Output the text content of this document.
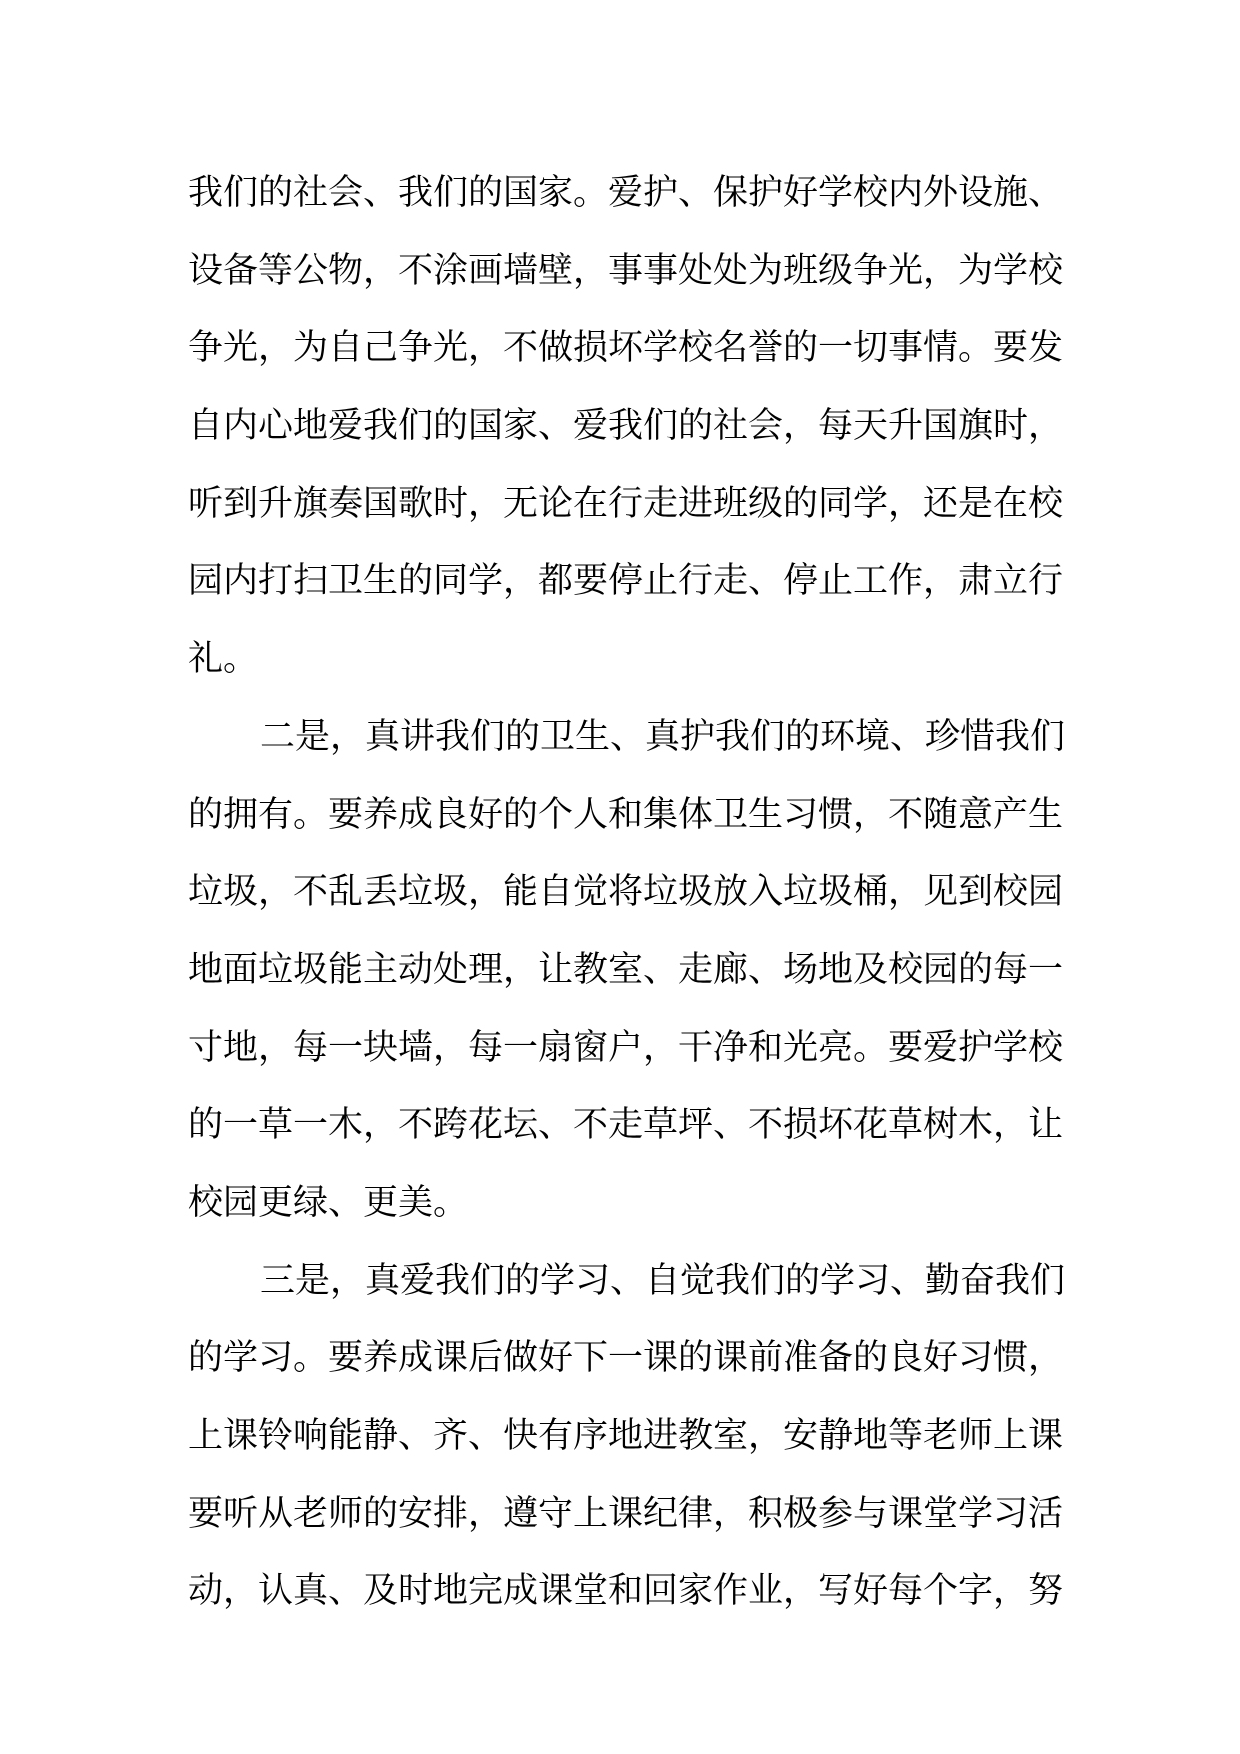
我们的社会、我们的国家。爱护、保护好学校内外设施、
设备等公物，不涂画墙壁，事事处处为班级争光，为学校
争光，为自己争光，不做损坏学校名誉的一切事情。要发
自内心地爱我们的国家、爱我们的社会，每天升国旗时，
听到升旗奏国歌时，无论在行走进班级的同学，还是在校
园内打扫卫生的同学，都要停止行走、停止工作，肃立行
礼。
二是，真讲我们的卫生、真护我们的环境、珍惜我们
的拥有。要养成良好的个人和集体卫生习惯，不随意产生
垃圾，不乱丢垃圾，能自觉将垃圾放入垃圾桶，见到校园
地面垃圾能主动处理，让教室、走廊、场地及校园的每一
寸地，每一块墙，每一扇窗户，干净和光亮。要爱护学校
的一草一木，不跨花坛、不走草坪、不损坏花草树木，让
校园更绿、更美。
三是，真爱我们的学习、自觉我们的学习、勤奋我们
的学习。要养成课后做好下一课的课前准备的良好习惯，
上课铃响能静、齐、快有序地进教室，安静地等老师上课
要听从老师的安排，遵守上课纪律，积极参与课堂学习活
动，认真、及时地完成课堂和回家作业，写好每个字，努
